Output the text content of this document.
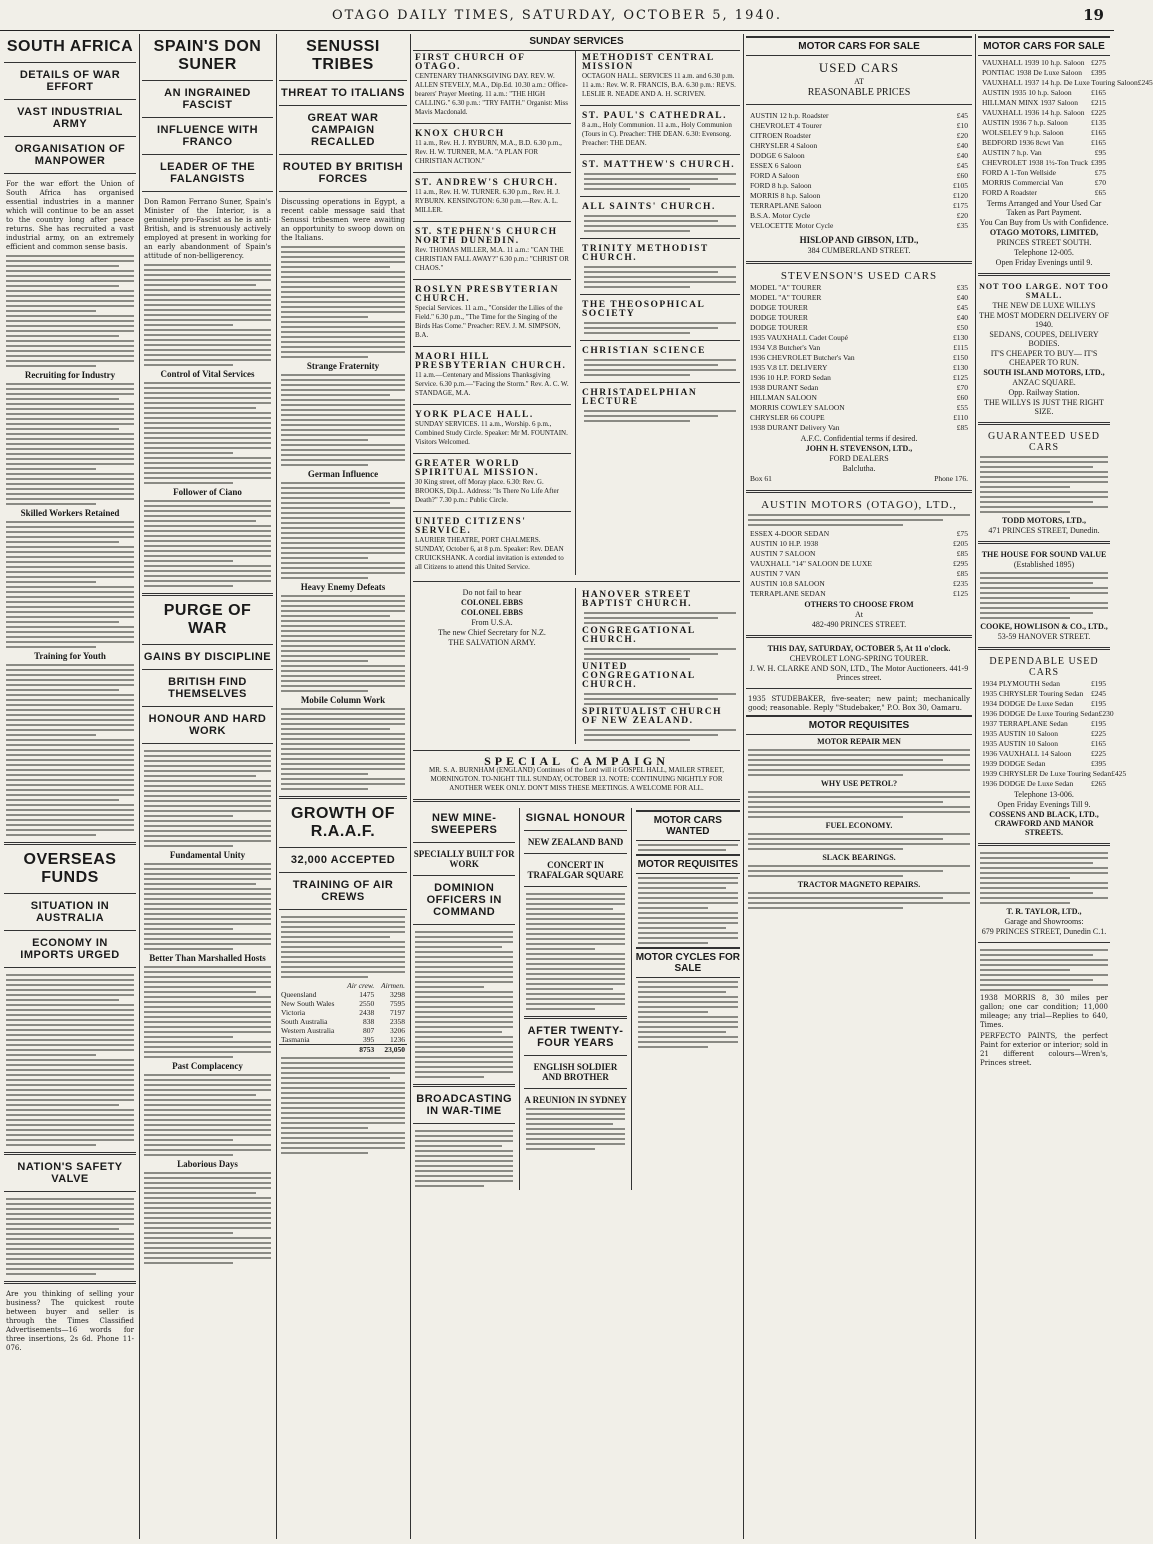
OTAGO DAILY TIMES, SATURDAY, OCTOBER 5, 1940.	19
SOUTH AFRICA
DETAILS OF WAR EFFORT
VAST INDUSTRIAL ARMY
ORGANISATION OF MANPOWER
For the war effort the Union of South Africa has organised essential industries in a manner which will continue to be an asset to the country long after peace returns. She has recruited a vast industrial army, on an extremely efficient and common sense basis.
Recruiting for Industry
Skilled Workers Retained
Training for Youth
OVERSEAS FUNDS
SITUATION IN AUSTRALIA
ECONOMY IN IMPORTS URGED
NATION'S SAFETY VALVE
Are you thinking of selling your business? The quickest route between buyer and seller is through the Times Classified Advertisements—16 words for three insertions, 2s 6d. Phone 11-076.
SPAIN'S DON SUNER
AN INGRAINED FASCIST
INFLUENCE WITH FRANCO
LEADER OF THE FALANGISTS
Don Ramon Ferrano Suner, Spain's Minister of the Interior, is a genuinely pro-Fascist as he is anti-British, and is strenuously actively employed at present in working for an early abandonment of Spain's attitude of non-belligerency.
Control of Vital Services
Follower of Ciano
PURGE OF WAR
GAINS BY DISCIPLINE
BRITISH FIND THEMSELVES
HONOUR AND HARD WORK
Fundamental Unity
Better Than Marshalled Hosts
Past Complacency
Laborious Days
SENUSSI TRIBES
THREAT TO ITALIANS
GREAT WAR CAMPAIGN RECALLED
ROUTED BY BRITISH FORCES
Discussing operations in Egypt, a recent cable message said that Senussi tribesmen were awaiting an opportunity to swoop down on the Italians.
Strange Fraternity
German Influence
Heavy Enemy Defeats
Mobile Column Work
GROWTH OF R.A.A.F.
32,000 ACCEPTED
TRAINING OF AIR CREWS
	Air crew.	Airmen.
Queensland	1475	3298
New South Wales	2550	7595
Victoria	2438	7197
South Australia	838	2358
Western Australia	807	3206
Tasmania	395	1236
	8753	23,050
SUNDAY SERVICES
FIRST CHURCH OF OTAGO.
CENTENARY THANKSGIVING DAY. REV. W. ALLEN STEVELY, M.A., Dip.Ed. 10.30 a.m.: Office-bearers' Prayer Meeting. 11 a.m.: "THE HIGH CALLING." 6.30 p.m.: "TRY FAITH." Organist: Miss Mavis Macdonald.
KNOX CHURCH
11 a.m., Rev. H. J. RYBURN, M.A., B.D. 6.30 p.m., Rev. H. W. TURNER, M.A. "A PLAN FOR CHRISTIAN ACTION."
ST. ANDREW'S CHURCH.
11 a.m., Rev. H. W. TURNER. 6.30 p.m., Rev. H. J. RYBURN. KENSINGTON: 6.30 p.m.—Rev. A. L. MILLER.
ST. STEPHEN'S CHURCH NORTH DUNEDIN.
Rev. THOMAS MILLER, M.A. 11 a.m.: "CAN THE CHRISTIAN FALL AWAY?" 6.30 p.m.: "CHRIST OR CHAOS."
ROSLYN PRESBYTERIAN CHURCH.
Special Services. 11 a.m., "Consider the Lilies of the Field." 6.30 p.m., "The Time for the Singing of the Birds Has Come." Preacher: REV. J. M. SIMPSON, B.A.
MAORI HILL PRESBYTERIAN CHURCH.
11 a.m.—Centenary and Missions Thanksgiving Service. 6.30 p.m.—"Facing the Storm." Rev. A. C. W. STANDAGE, M.A.
YORK PLACE HALL.
SUNDAY SERVICES. 11 a.m., Worship. 6 p.m., Combined Study Circle. Speaker: Mr M. FOUNTAIN. Visitors Welcomed.
GREATER WORLD SPIRITUAL MISSION.
30 King street, off Moray place. 6.30: Rev. G. BROOKS, Dip.L. Address: "Is There No Life After Death?" 7.30 p.m.: Public Circle.
UNITED CITIZENS' SERVICE.
LAURIER THEATRE, PORT CHALMERS. SUNDAY, October 6, at 8 p.m. Speaker: Rev. DEAN CRUICKSHANK. A cordial invitation is extended to all Citizens to attend this United Service.
METHODIST CENTRAL MISSION
OCTAGON HALL. SERVICES 11 a.m. and 6.30 p.m. 11 a.m.: Rev. W. R. FRANCIS, B.A. 6.30 p.m.: REVS. LESLIE R. NEADE AND A. H. SCRIVEN.
ST. PAUL'S CATHEDRAL.
8 a.m., Holy Communion. 11 a.m., Holy Communion (Tours in C). Preacher: THE DEAN. 6.30: Evensong. Preacher: THE DEAN.
ST. MATTHEW'S CHURCH.
ALL SAINTS' CHURCH.
TRINITY METHODIST CHURCH.
THE THEOSOPHICAL SOCIETY
CHRISTIAN SCIENCE
CHRISTADELPHIAN LECTURE
Do not fail to hear
COLONEL EBBS
COLONEL EBBS
From U.S.A.
The new Chief Secretary for N.Z.
THE SALVATION ARMY.
HANOVER STREET BAPTIST CHURCH.
CONGREGATIONAL CHURCH.
UNITED CONGREGATIONAL CHURCH.
SPIRITUALIST CHURCH OF NEW ZEALAND.
SPECIAL CAMPAIGN
MR. S. A. BURNHAM (ENGLAND) Continues of the Lord will it GOSPEL HALL, MAILER STREET, MORNINGTON. TO-NIGHT TILL SUNDAY, OCTOBER 13. NOTE: CONTINUING NIGHTLY FOR ANOTHER WEEK ONLY. DON'T MISS THESE MEETINGS. A WELCOME FOR ALL.
NEW MINE-SWEEPERS
SPECIALLY BUILT FOR WORK
DOMINION OFFICERS IN COMMAND
BROADCASTING IN WAR-TIME
SIGNAL HONOUR
NEW ZEALAND BAND
CONCERT IN TRAFALGAR SQUARE
AFTER TWENTY-FOUR YEARS
ENGLISH SOLDIER AND BROTHER
A REUNION IN SYDNEY
MOTOR CARS WANTED
MOTOR REQUISITES
MOTOR CYCLES FOR SALE
MOTOR CARS FOR SALE
USED CARS
AT
REASONABLE PRICES
AUSTIN 12 h.p. Roadster	£45
CHEVROLET 4 Tourer	£10
CITROEN Roadster	£20
CHRYSLER 4 Saloon	£40
DODGE 6 Saloon	£40
ESSEX 6 Saloon	£45
FORD A Saloon	£60
FORD 8 h.p. Saloon	£105
MORRIS 8 h.p. Saloon	£120
TERRAPLANE Saloon	£175
B.S.A. Motor Cycle	£20
VELOCETTE Motor Cycle	£35
HISLOP AND GIBSON, LTD.,
384 CUMBERLAND STREET.
STEVENSON'S USED CARS
MODEL "A" TOURER	£35
MODEL "A" TOURER	£40
DODGE TOURER	£45
DODGE TOURER	£40
DODGE TOURER	£50
1935 VAUXHALL Cadet Coupé	£130
1934 V.8 Butcher's Van	£115
1936 CHEVROLET Butcher's Van	£150
1935 V.8 LT. DELIVERY	£130
1936 10 H.P. FORD Sedan	£125
1938 DURANT Sedan	£70
HILLMAN SALOON	£60
MORRIS COWLEY SALOON	£55
CHRYSLER 66 COUPE	£110
1938 DURANT Delivery Van	£85
A.F.C. Confidential terms if desired.
JOHN H. STEVENSON, LTD.,
FORD DEALERS
Balclutha.
Box 61	Phone 176.
AUSTIN MOTORS (OTAGO), LTD.,
ESSEX 4-DOOR SEDAN	£75
AUSTIN 10 H.P. 1938	£205
AUSTIN 7 SALOON	£85
VAUXHALL "14" SALOON DE LUXE	£295
AUSTIN 7 VAN	£85
AUSTIN 10.8 SALOON	£235
TERRAPLANE SEDAN	£125
OTHERS TO CHOOSE FROM
At
482-490 PRINCES STREET.
THIS DAY, SATURDAY, OCTOBER 5, At 11 o'clock.
CHEVROLET LONG-SPRING TOURER.
J. W. H. CLARKE AND SON, LTD., The Motor Auctioneers. 441-9 Princes street.
1935 STUDEBAKER, five-seater; new paint; mechanically good; reasonable. Reply "Studebaker," P.O. Box 30, Oamaru.
MOTOR REQUISITES
MOTOR REPAIR MEN
WHY USE PETROL?
FUEL ECONOMY.
SLACK BEARINGS.
TRACTOR MAGNETO REPAIRS.
MOTOR CARS FOR SALE
VAUXHALL 1939 10 h.p. Saloon £275
PONTIAC 1938 De Luxe Saloon £395
VAUXHALL 1937 14 h.p. De Luxe Touring Saloon £245
AUSTIN 1935 10 h.p. Saloon	£165
HILLMAN MINX 1937 Saloon £215
VAUXHALL 1936 14 h.p. Saloon £225
AUSTIN 1936 7 h.p. Saloon	£135
WOLSELEY 9 h.p. Saloon	£165
BEDFORD 1936 8cwt Van	£165
AUSTIN 7 h.p. Van	£95
CHEVROLET 1938 1½-Ton Truck £395
FORD A 1-Ton Wellside	£75
MORRIS Commercial Van	£70
FORD A Roadster	£65
Terms Arranged and Your Used Car Taken as Part Payment.
You Can Buy from Us with Confidence.
OTAGO MOTORS, LIMITED,
PRINCES STREET SOUTH.
Telephone 12-005.
Open Friday Evenings until 9.
NOT TOO LARGE. NOT TOO SMALL.
THE NEW DE LUXE WILLYS
THE MOST MODERN DELIVERY OF 1940.
SEDANS, COUPES, DELIVERY BODIES.
IT'S CHEAPER TO BUY— IT'S CHEAPER TO RUN.
SOUTH ISLAND MOTORS, LTD.,
ANZAC SQUARE.
Opp. Railway Station.
THE WILLYS IS JUST THE RIGHT SIZE.
GUARANTEED USED CARS
TODD MOTORS, LTD.,
471 PRINCES STREET, Dunedin.
THE HOUSE FOR SOUND VALUE
(Established 1895)
COOKE, HOWLISON & CO., LTD.,
53-59 HANOVER STREET.
DEPENDABLE USED CARS
1934 PLYMOUTH Sedan	£195
1935 CHRYSLER Touring Sedan £245
1934 DODGE De Luxe Sedan £195
1936 DODGE De Luxe Touring Sedan £230
1937 TERRAPLANE Sedan	£195
1935 AUSTIN 10 Saloon	£225
1935 AUSTIN 10 Saloon	£165
1936 VAUXHALL 14 Saloon	£225
1939 DODGE Sedan	£395
1939 CHRYSLER De Luxe Touring Sedan £425
1936 DODGE De Luxe Sedan £265
Telephone 13-006.
Open Friday Evenings Till 9.
COSSENS AND BLACK, LTD., CRAWFORD AND MANOR STREETS.
T. R. TAYLOR, LTD.,
Garage and Showrooms:
679 PRINCES STREET, Dunedin C.1.
1938 MORRIS 8, 30 miles per gallon; one car condition; 11,000 mileage; any trial—Replies to 640, Times.
PERFECTO PAINTS, the perfect Paint for exterior or interior; sold in 21 different colours—Wren's, Princes street.
